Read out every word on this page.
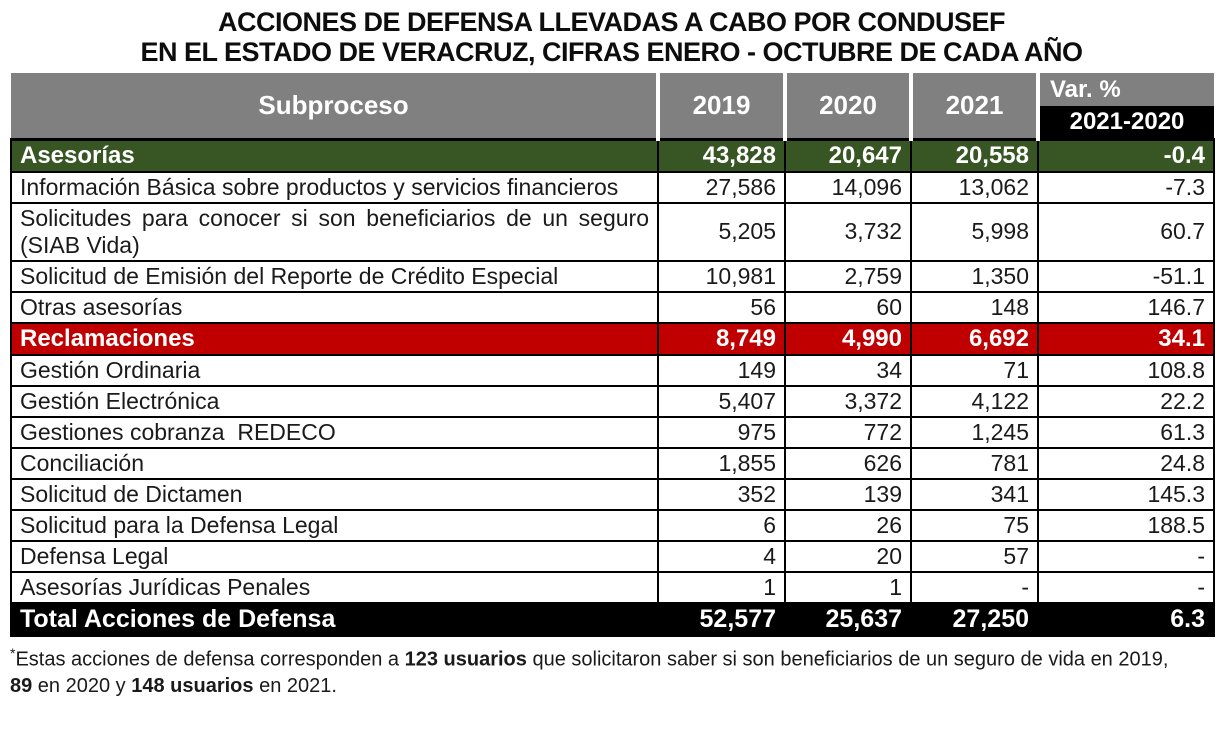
ACCIONES DE DEFENSA LLEVADAS A CABO POR CONDUSEF
EN EL ESTADO DE VERACRUZ, CIFRAS ENERO - OCTUBRE DE CADA AÑO
Subproceso	2019	2020	2021	Var. %
				2021-2020
Asesorías	43,828	20,647	20,558	-0.4
Información Básica sobre productos y servicios financieros	27,586	14,096	13,062	-7.3
Solicitudes para conocer si son beneficiarios de un seguro (SIAB Vida)	5,205	3,732	5,998	60.7
Solicitud de Emisión del Reporte de Crédito Especial	10,981	2,759	1,350	-51.1
Otras asesorías	56	60	148	146.7
Reclamaciones	8,749	4,990	6,692	34.1
Gestión Ordinaria	149	34	71	108.8
Gestión Electrónica	5,407	3,372	4,122	22.2
Gestiones cobranza  REDECO	975	772	1,245	61.3
Conciliación	1,855	626	781	24.8
Solicitud de Dictamen	352	139	341	145.3
Solicitud para la Defensa Legal	6	26	75	188.5
Defensa Legal	4	20	57	-
Asesorías Jurídicas Penales	1	1	-	-
Total Acciones de Defensa	52,577	25,637	27,250	6.3
*Estas acciones de defensa corresponden a 123 usuarios que solicitaron saber si son beneficiarios de un seguro de vida en 2019,
89 en 2020 y 148 usuarios en 2021.
